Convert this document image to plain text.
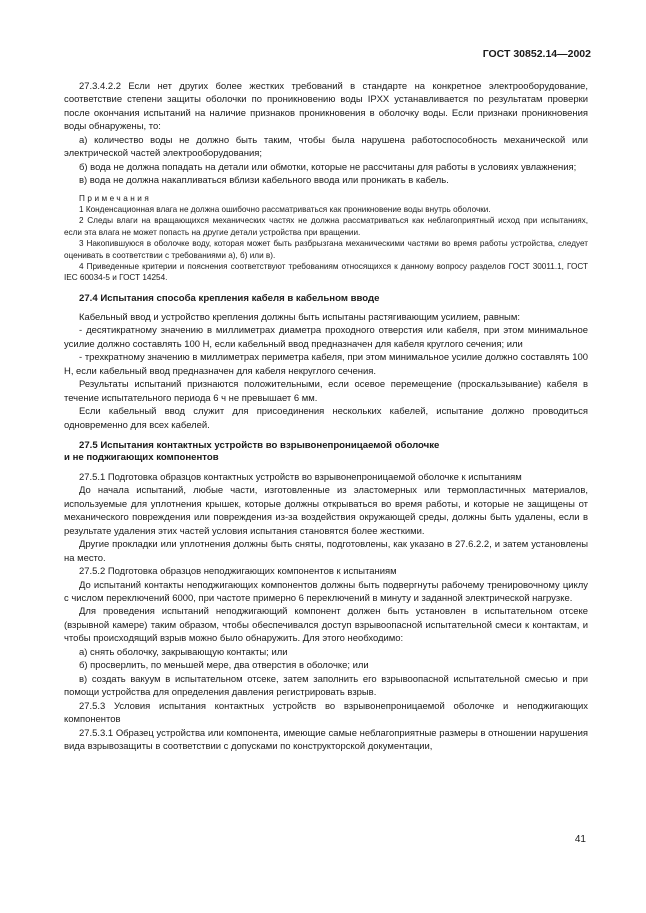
ГОСТ 30852.14—2002

27.3.4.2.2 Если нет других более жестких требований в стандарте на конкретное электрооборудование, соответствие степени защиты оболочки по проникновению воды IPXX устанавливается по результатам проверки после окончания испытаний на наличие признаков проникновения в оболочку воды. Если признаки проникновения воды обнаружены, то:

а) количество воды не должно быть таким, чтобы была нарушена работоспособность механической или электрической частей электрооборудования;

б) вода не должна попадать на детали или обмотки, которые не рассчитаны для работы в условиях увлажнения;

в) вода не должна накапливаться вблизи кабельного ввода или проникать в кабель.

Примечания

1 Конденсационная влага не должна ошибочно рассматриваться как проникновение воды внутрь оболочки.

2 Следы влаги на вращающихся механических частях не должна рассматриваться как неблагоприятный исход при испытаниях, если эта влага не может попасть на другие детали устройства при вращении.

3 Накопившуюся в оболочке воду, которая может быть разбрызгана механическими частями во время работы устройства, следует оценивать в соответствии с требованиями а), б) или в).

4 Приведенные критерии и пояснения соответствуют требованиям относящихся к данному вопросу разделов ГОСТ 30011.1, ГОСТ IEC 60034-5 и ГОСТ 14254.

27.4 Испытания способа крепления кабеля в кабельном вводе

Кабельный ввод и устройство крепления должны быть испытаны растягивающим усилием, равным:

- десятикратному значению в миллиметрах диаметра проходного отверстия или кабеля, при этом минимальное усилие должно составлять 100 Н, если кабельный ввод предназначен для кабеля круглого сечения; или

- трехкратному значению в миллиметрах периметра кабеля, при этом минимальное усилие должно составлять 100 Н, если кабельный ввод предназначен для кабеля некруглого сечения.

Результаты испытаний признаются положительными, если осевое перемещение (проскальзывание) кабеля в течение испытательного периода 6 ч не превышает 6 мм.

Если кабельный ввод служит для присоединения нескольких кабелей, испытание должно проводиться одновременно для всех кабелей.

27.5 Испытания контактных устройств во взрывонепроницаемой оболочке
и не поджигающих компонентов

27.5.1 Подготовка образцов контактных устройств во взрывонепроницаемой оболочке к испытаниям

До начала испытаний, любые части, изготовленные из эластомерных или термопластичных материалов, используемые для уплотнения крышек, которые должны открываться во время работы, и которые не защищены от механического повреждения или повреждения из-за воздействия окружающей среды, должны быть удалены, если в результате удаления этих частей условия испытания становятся более жесткими.

Другие прокладки или уплотнения должны быть сняты, подготовлены, как указано в 27.6.2.2, и затем установлены на место.

27.5.2 Подготовка образцов неподжигающих компонентов к испытаниям

До испытаний контакты неподжигающих компонентов должны быть подвергнуты рабочему тренировочному циклу с числом переключений 6000, при частоте примерно 6 переключений в минуту и заданной электрической нагрузке.

Для проведения испытаний неподжигающий компонент должен быть установлен в испытательном отсеке (взрывной камере) таким образом, чтобы обеспечивался доступ взрывоопасной испытательной смеси к контактам, и чтобы происходящий взрыв можно было обнаружить. Для этого необходимо:

а) снять оболочку, закрывающую контакты; или

б) просверлить, по меньшей мере, два отверстия в оболочке; или

в) создать вакуум в испытательном отсеке, затем заполнить его взрывоопасной испытательной смесью и при помощи устройства для определения давления регистрировать взрыв.

27.5.3 Условия испытания контактных устройств во взрывонепроницаемой оболочке и неподжигающих компонентов

27.5.3.1 Образец устройства или компонента, имеющие самые неблагоприятные размеры в отношении нарушения вида взрывозащиты в соответствии с допусками по конструкторской документации,

41
